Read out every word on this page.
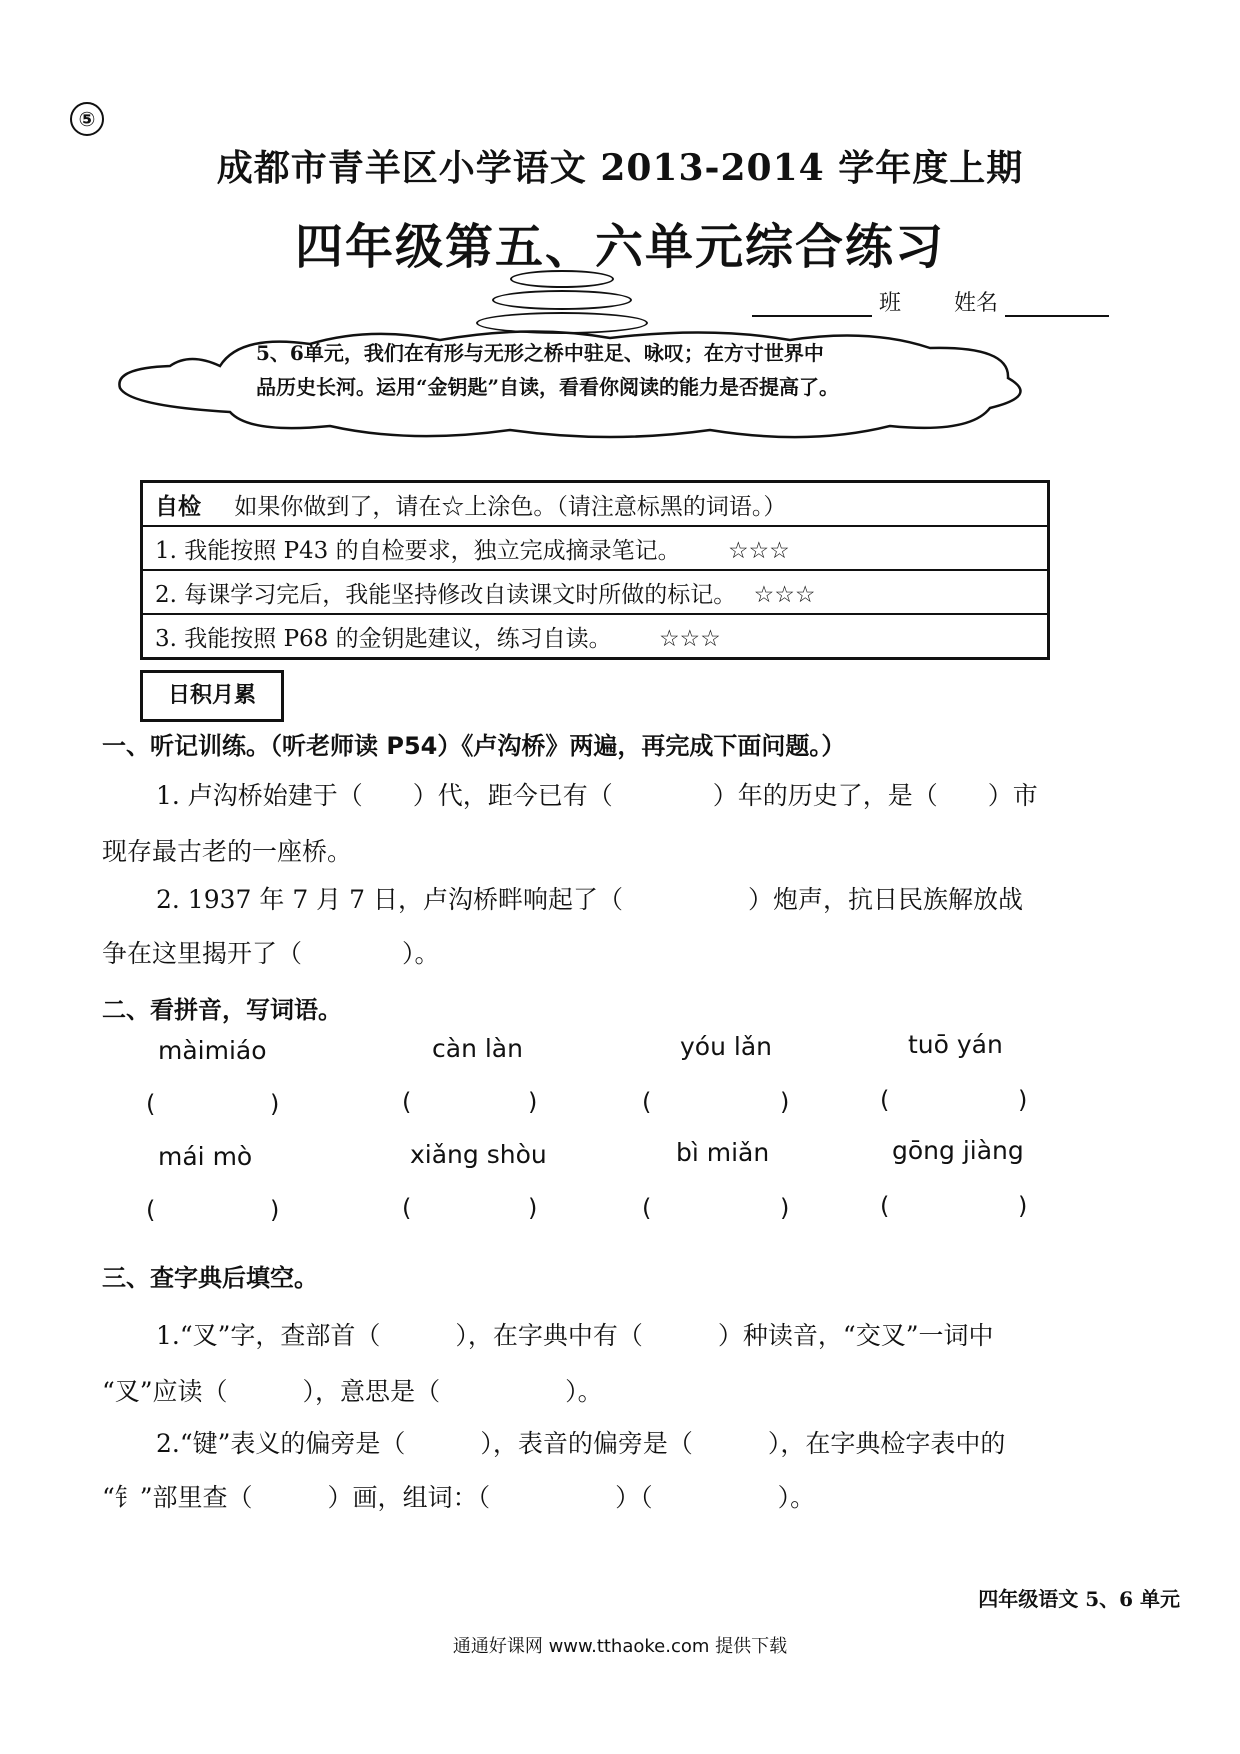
⑤
成都市青羊区小学语文 2013-2014 学年度上期
四年级第五、六单元综合练习
班 姓名
5、6单元，我们在有形与无形之桥中驻足、咏叹；在方寸世界中
品历史长河。运用“金钥匙”自读，看看你阅读的能力是否提高了。
自检 如果你做到了，请在☆上涂色。（请注意标黑的词语。）
1. 我能按照 P43 的自检要求，独立完成摘录笔记。 ☆☆☆
2. 每课学习完后，我能坚持修改自读课文时所做的标记。 ☆☆☆
3. 我能按照 P68 的金钥匙建议，练习自读。 ☆☆☆
日积月累
一、听记训练。（听老师读 P54）《卢沟桥》两遍，再完成下面问题。）
1. 卢沟桥始建于（　　）代，距今已有（　　　　）年的历史了，是（　　）市
现存最古老的一座桥。
2. 1937 年 7 月 7 日，卢沟桥畔响起了（　　　　　）炮声，抗日民族解放战
争在这里揭开了（　　　　）。
二、看拼音，写词语。
màimiáo	càn làn	yóu lǎn	tuō yán
(	)	(	)	(	)	(	)
mái mò	xiǎng shòu	bì miǎn	gōng jiàng
(	)	(	)	(	)	(	)
三、查字典后填空。
1.“叉”字，查部首（　　　），在字典中有（　　　）种读音，“交叉”一词中
“叉”应读（　　　），意思是（　　　　　）。
2.“键”表义的偏旁是（　　　），表音的偏旁是（　　　），在字典检字表中的
“钅”部里查（　　　）画，组词：（　　　　　）（　　　　　）。
四年级语文 5、6 单元
通通好课网 www.tthaoke.com 提供下载
